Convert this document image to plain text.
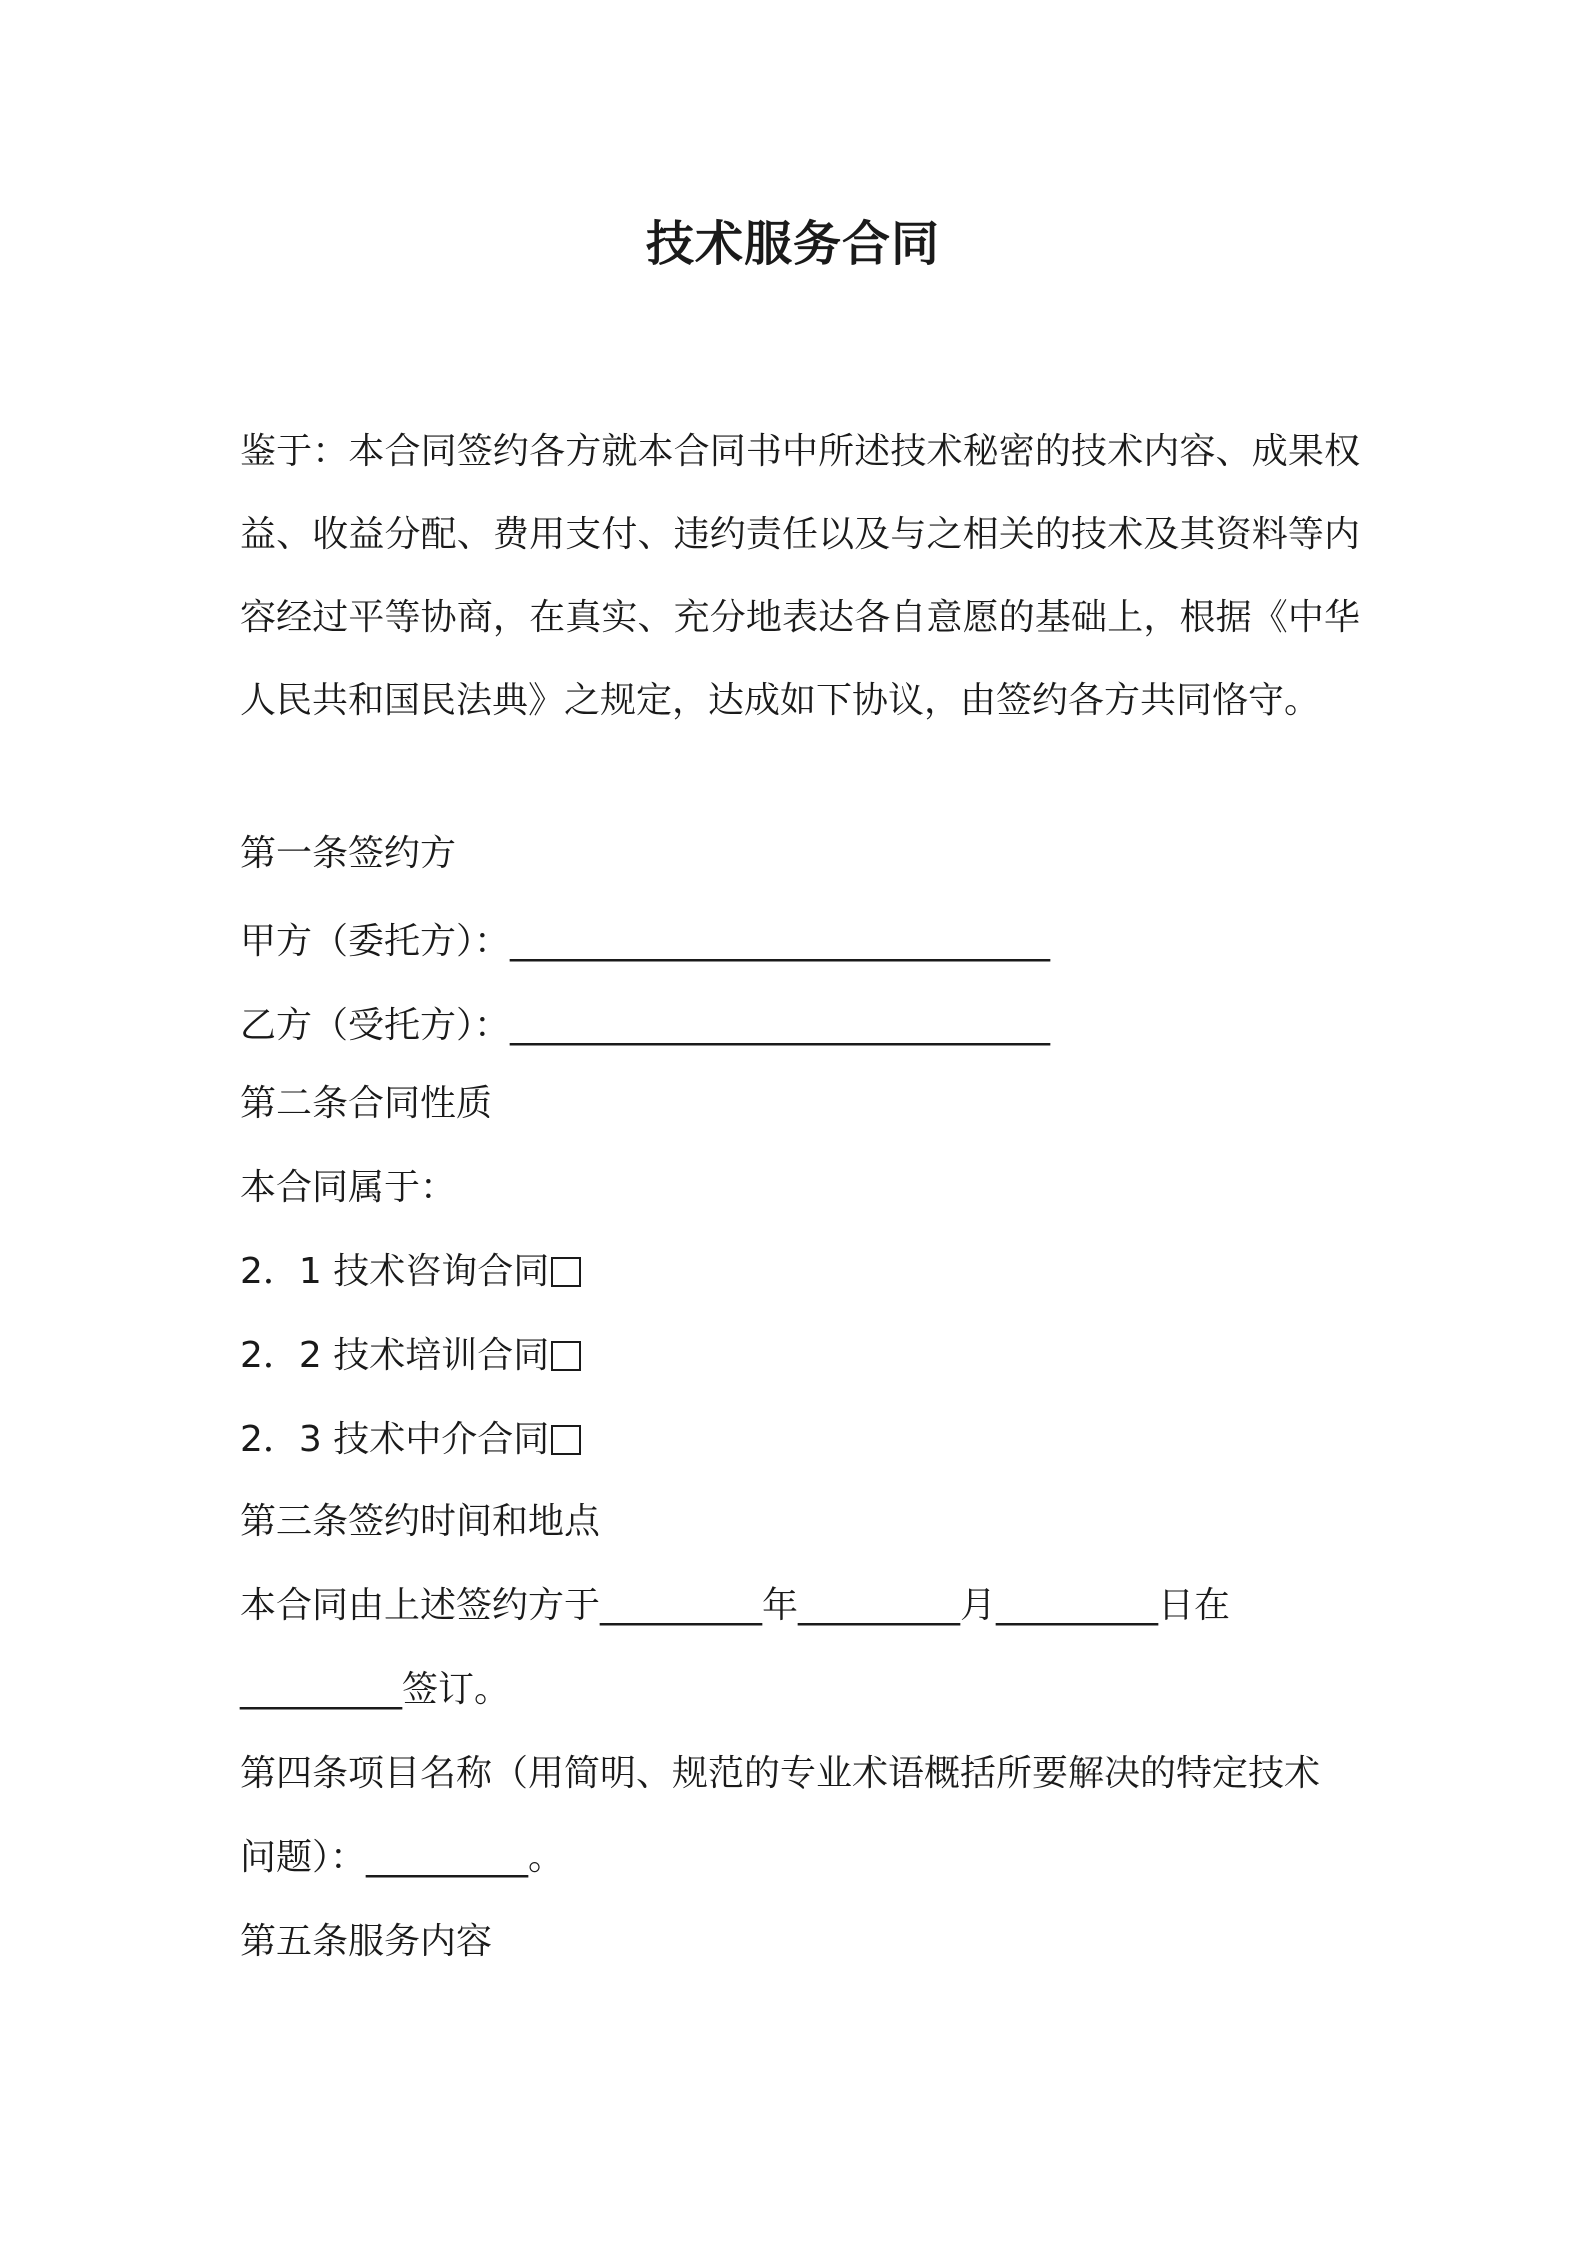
技术服务合同

鉴于：本合同签约各方就本合同书中所述技术秘密的技术内容、成果权益、收益分配、费用支付、违约责任以及与之相关的技术及其资料等内容经过平等协商，在真实、充分地表达各自意愿的基础上，根据《中华人民共和国民法典》之规定，达成如下协议，由签约各方共同恪守。

第一条签约方

甲方（委托方）：______________________________

乙方（受托方）：______________________________

第二条合同性质

本合同属于：

2．1 技术咨询合同

2．2 技术培训合同

2．3 技术中介合同

第三条签约时间和地点

本合同由上述签约方于_________年_________月_________日在

_________签订。

第四条项目名称（用简明、规范的专业术语概括所要解决的特定技术

问题）：_________。

第五条服务内容
